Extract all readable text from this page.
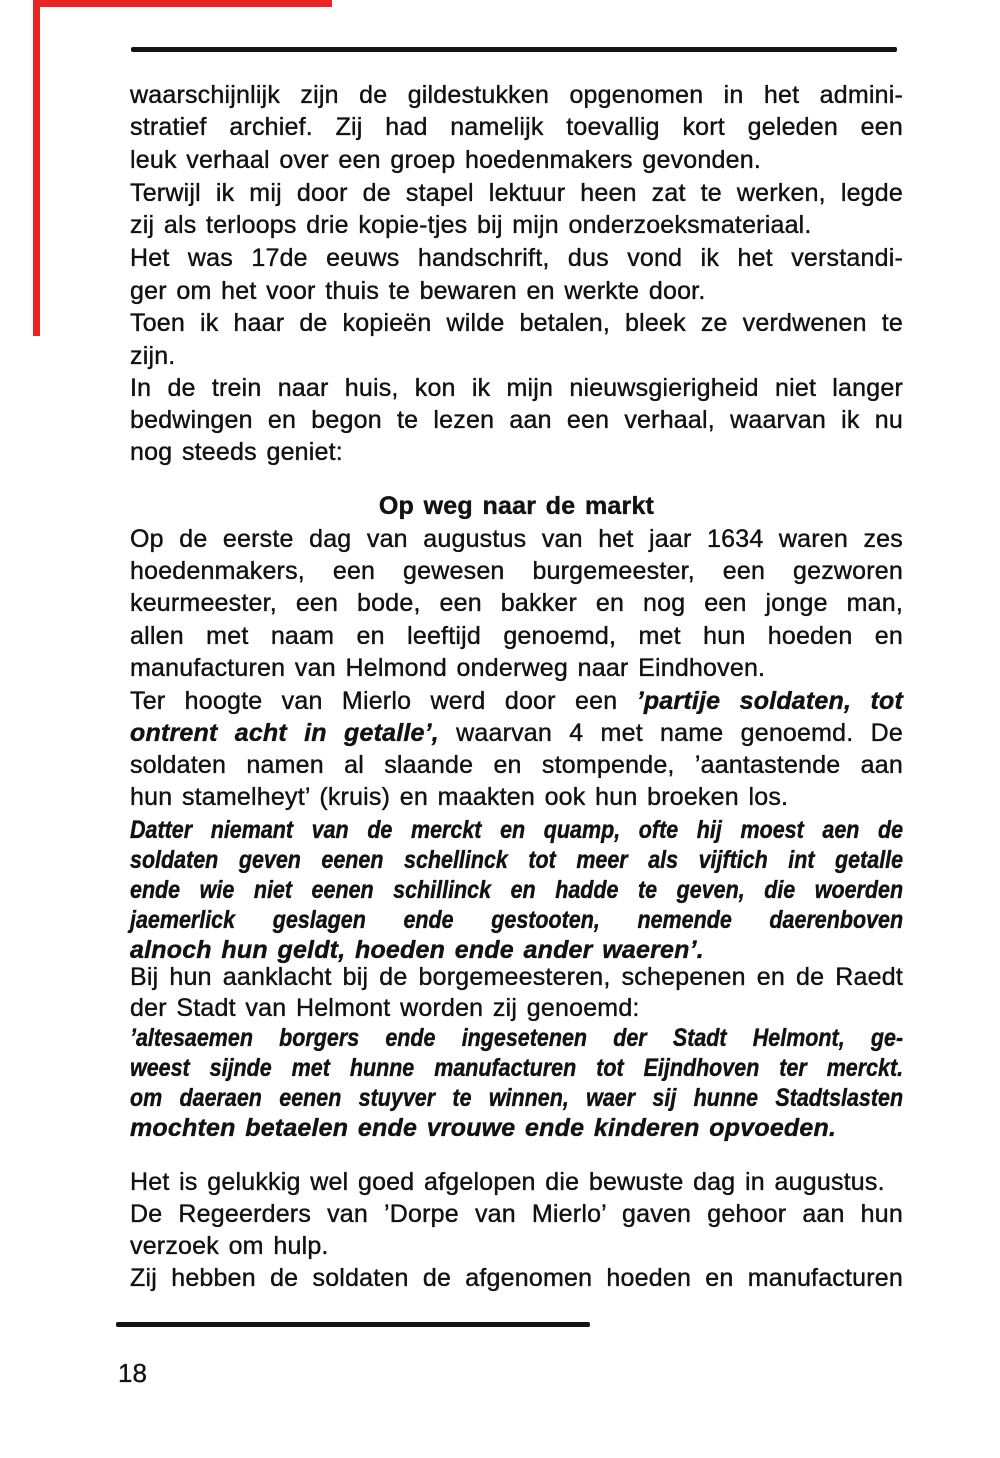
waarschijnlijk zijn de gildestukken opgenomen in het admini-
stratief archief. Zij had namelijk toevallig kort geleden een
leuk verhaal over een groep hoedenmakers gevonden.
Terwijl ik mij door de stapel lektuur heen zat te werken, legde
zij als terloops drie kopie-tjes bij mijn onderzoeksmateriaal.
Het was 17de eeuws handschrift, dus vond ik het verstandi-
ger om het voor thuis te bewaren en werkte door.
Toen ik haar de kopieën wilde betalen, bleek ze verdwenen te
zijn.
In de trein naar huis, kon ik mijn nieuwsgierigheid niet langer
bedwingen en begon te lezen aan een verhaal, waarvan ik nu
nog steeds geniet:
Op weg naar de markt
Op de eerste dag van augustus van het jaar 1634 waren zes
hoedenmakers, een gewesen burgemeester, een gezworen
keurmeester, een bode, een bakker en nog een jonge man,
allen met naam en leeftijd genoemd, met hun hoeden en
manufacturen van Helmond onderweg naar Eindhoven.
Ter hoogte van Mierlo werd door een ’partije soldaten, tot
ontrent acht in getalle’, waarvan 4 met name genoemd. De
soldaten namen al slaande en stompende, ’aantastende aan
hun stamelheyt’ (kruis) en maakten ook hun broeken los.
Datter niemant van de merckt en quamp, ofte hij moest aen de
soldaten geven eenen schellinck tot meer als vijftich int getalle
ende wie niet eenen schillinck en hadde te geven, die woerden
jaemerlick geslagen ende gestooten, nemende daerenboven
alnoch hun geldt, hoeden ende ander waeren’.
Bij hun aanklacht bij de borgemeesteren, schepenen en de Raedt
der Stadt van Helmont worden zij genoemd:
’altesaemen borgers ende ingesetenen der Stadt Helmont, ge-
weest sijnde met hunne manufacturen tot Eijndhoven ter merckt.
om daeraen eenen stuyver te winnen, waer sij hunne Stadtslasten
mochten betaelen ende vrouwe ende kinderen opvoeden.
Het is gelukkig wel goed afgelopen die bewuste dag in augustus.
De Regeerders van ’Dorpe van Mierlo’ gaven gehoor aan hun
verzoek om hulp.
Zij hebben de soldaten de afgenomen hoeden en manufacturen
18
